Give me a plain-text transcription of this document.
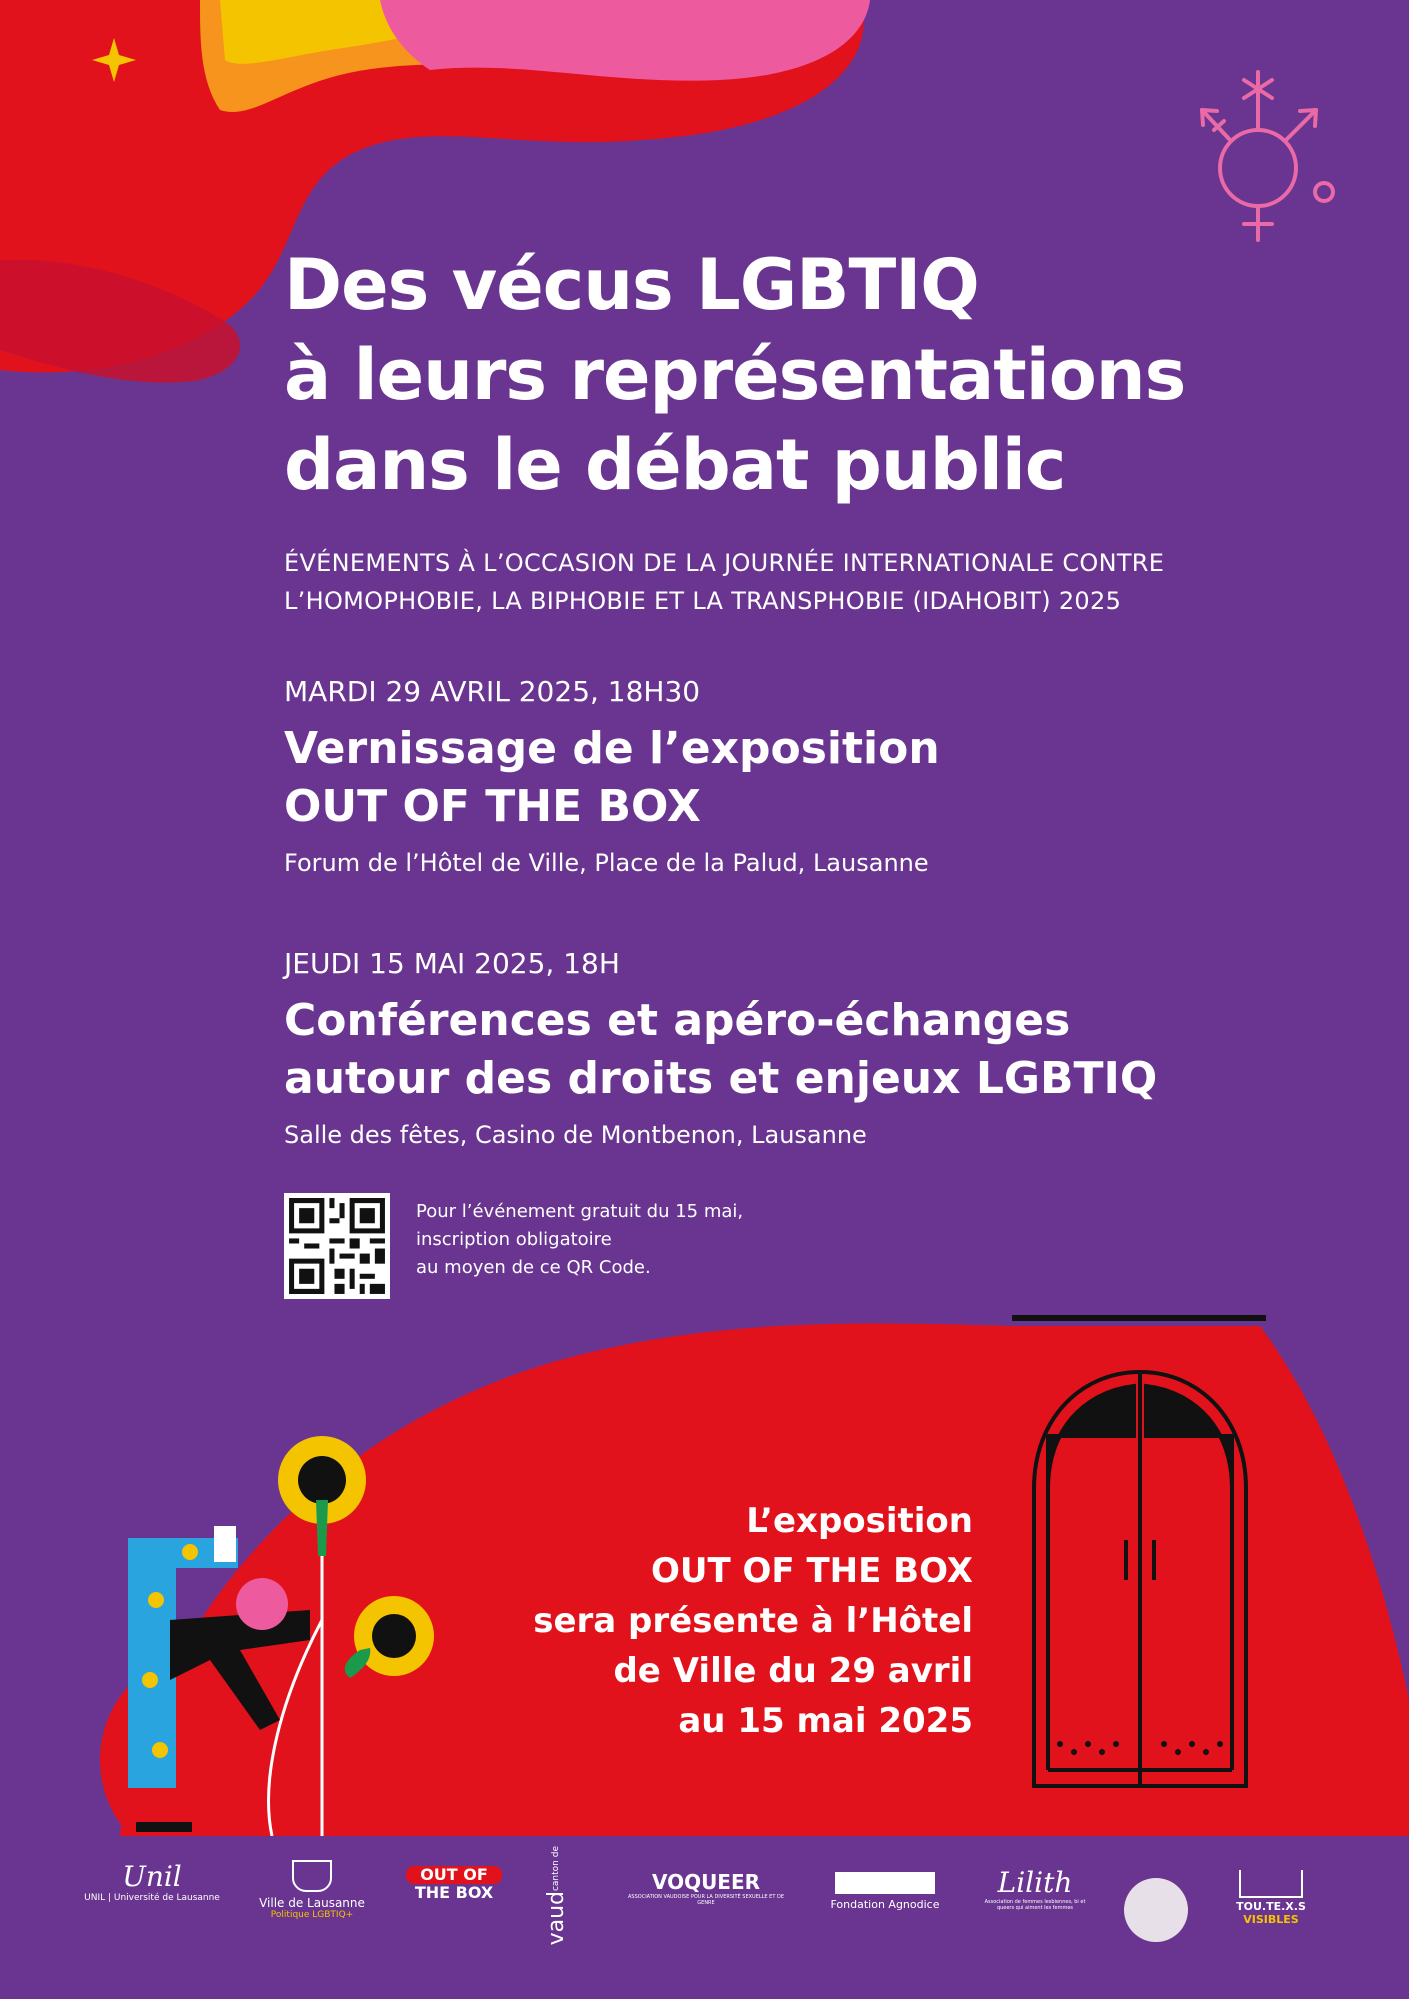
Des vécus LGBTIQ
à leurs représentations
dans le débat public
ÉVÉNEMENTS À L’OCCASION DE LA JOURNÉE INTERNATIONALE CONTRE
L’HOMOPHOBIE, LA BIPHOBIE ET LA TRANSPHOBIE (IDAHOBIT) 2025
MARDI 29 AVRIL 2025, 18H30
Vernissage de l’exposition
OUT OF THE BOX
Forum de l’Hôtel de Ville, Place de la Palud, Lausanne
JEUDI 15 MAI 2025, 18H
Conférences et apéro-échanges
autour des droits et enjeux LGBTIQ
Salle des fêtes, Casino de Montbenon, Lausanne
Pour l’événement gratuit du 15 mai,
inscription obligatoire
au moyen de ce QR Code.
L’exposition
OUT OF THE BOX
sera présente à l’Hôtel
de Ville du 29 avril
au 15 mai 2025
Unil
UNIL | Université de Lausanne	Ville de Lausanne
Politique LGBTIQ+
OUT OF
THE BOX
canton de
vaud
VOQUEER
ASSOCIATION VAUDOISE POUR LA DIVERSITÉ SEXUELLE ET DE GENRE	Fondation Agnodice
Lilith
Association de femmes lesbiennes, bi et queers qui aiment les femmes	TOU.TE.X.S
VISIBLES
